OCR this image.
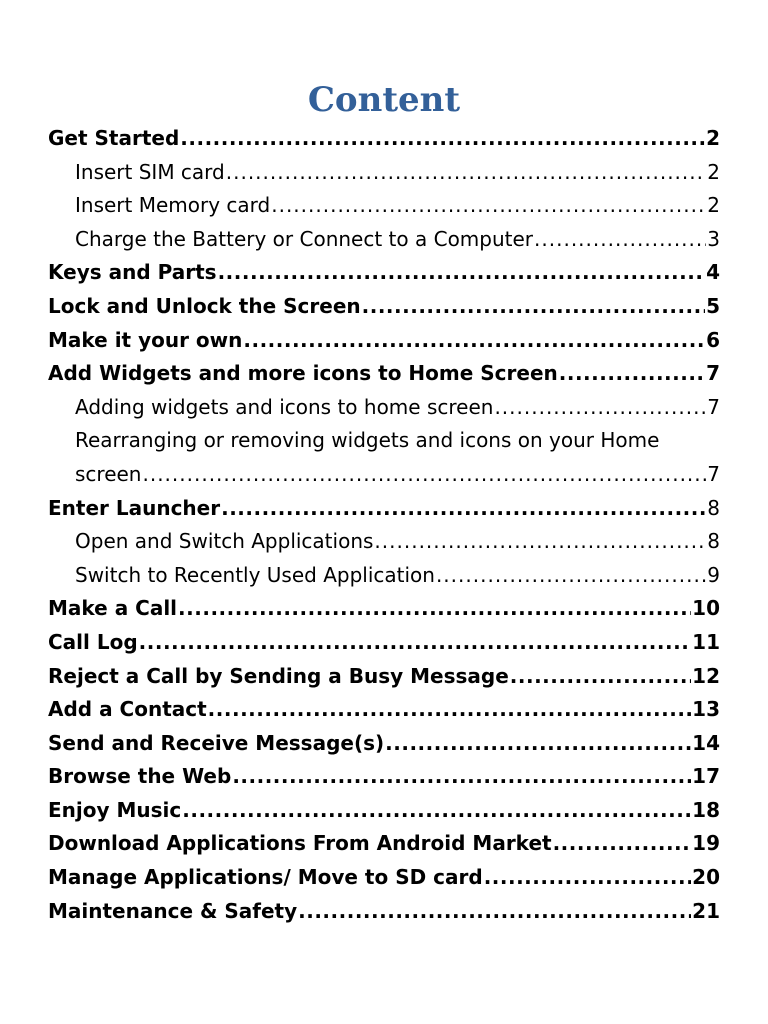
Content
Get Started .....	2
Insert SIM card .....	2
Insert Memory card .....	2
Charge the Battery or Connect to a Computer .....	3
Keys and Parts .....	4
Lock and Unlock the Screen .....	5
Make it your own .....	6
Add Widgets and more icons to Home Screen .....	7
Adding widgets and icons to home screen .....	7
Rearranging or removing widgets and icons on your Home
screen .....	7
Enter Launcher .....	8
Open and Switch Applications .....	8
Switch to Recently Used Application .....	9
Make a Call .....	10
Call Log .....	11
Reject a Call by Sending a Busy Message .....	12
Add a Contact .....	13
Send and Receive Message(s) .....	14
Browse the Web .....	17
Enjoy Music .....	18
Download Applications From Android Market .....	19
Manage Applications/ Move to SD card .....	20
Maintenance & Safety .....	21
